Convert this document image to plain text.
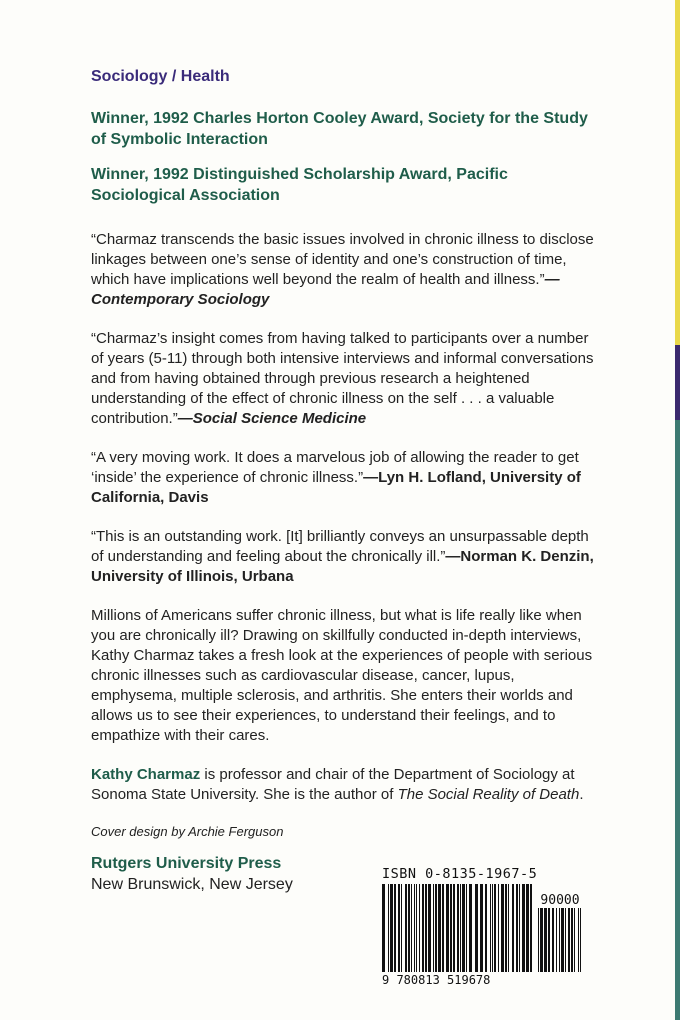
Sociology / Health
Winner, 1992 Charles Horton Cooley Award, Society for the Study of Symbolic Interaction
Winner, 1992 Distinguished Scholarship Award, Pacific Sociological Association

“Charmaz transcends the basic issues involved in chronic illness to disclose linkages between one’s sense of identity and one’s construction of time, which have implications well beyond the realm of health and illness.”—Contemporary Sociology

“Charmaz’s insight comes from having talked to participants over a number of years (5-11) through both intensive interviews and informal conversations and from having obtained through previous research a heightened understanding of the effect of chronic illness on the self . . . a valuable contribution.”—Social Science Medicine

“A very moving work. It does a marvelous job of allowing the reader to get ‘inside’ the experience of chronic illness.”—Lyn H. Lofland, University of California, Davis

“This is an outstanding work. [It] brilliantly conveys an unsurpassable depth of understanding and feeling about the chronically ill.”—Norman K. Denzin, University of Illinois, Urbana

Millions of Americans suffer chronic illness, but what is life really like when you are chronically ill? Drawing on skillfully conducted in-depth interviews, Kathy Charmaz takes a fresh look at the experiences of people with serious chronic illnesses such as cardiovascular disease, cancer, lupus, emphysema, multiple sclerosis, and arthritis. She enters their worlds and allows us to see their experiences, to understand their feelings, and to empathize with their cares.

Kathy Charmaz is professor and chair of the Department of Sociology at Sonoma State University. She is the author of The Social Reality of Death.

Cover design by Archie Ferguson
Rutgers University Press
New Brunswick, New Jersey
ISBN 0-8135-1967-5
90000
9 780813 519678
